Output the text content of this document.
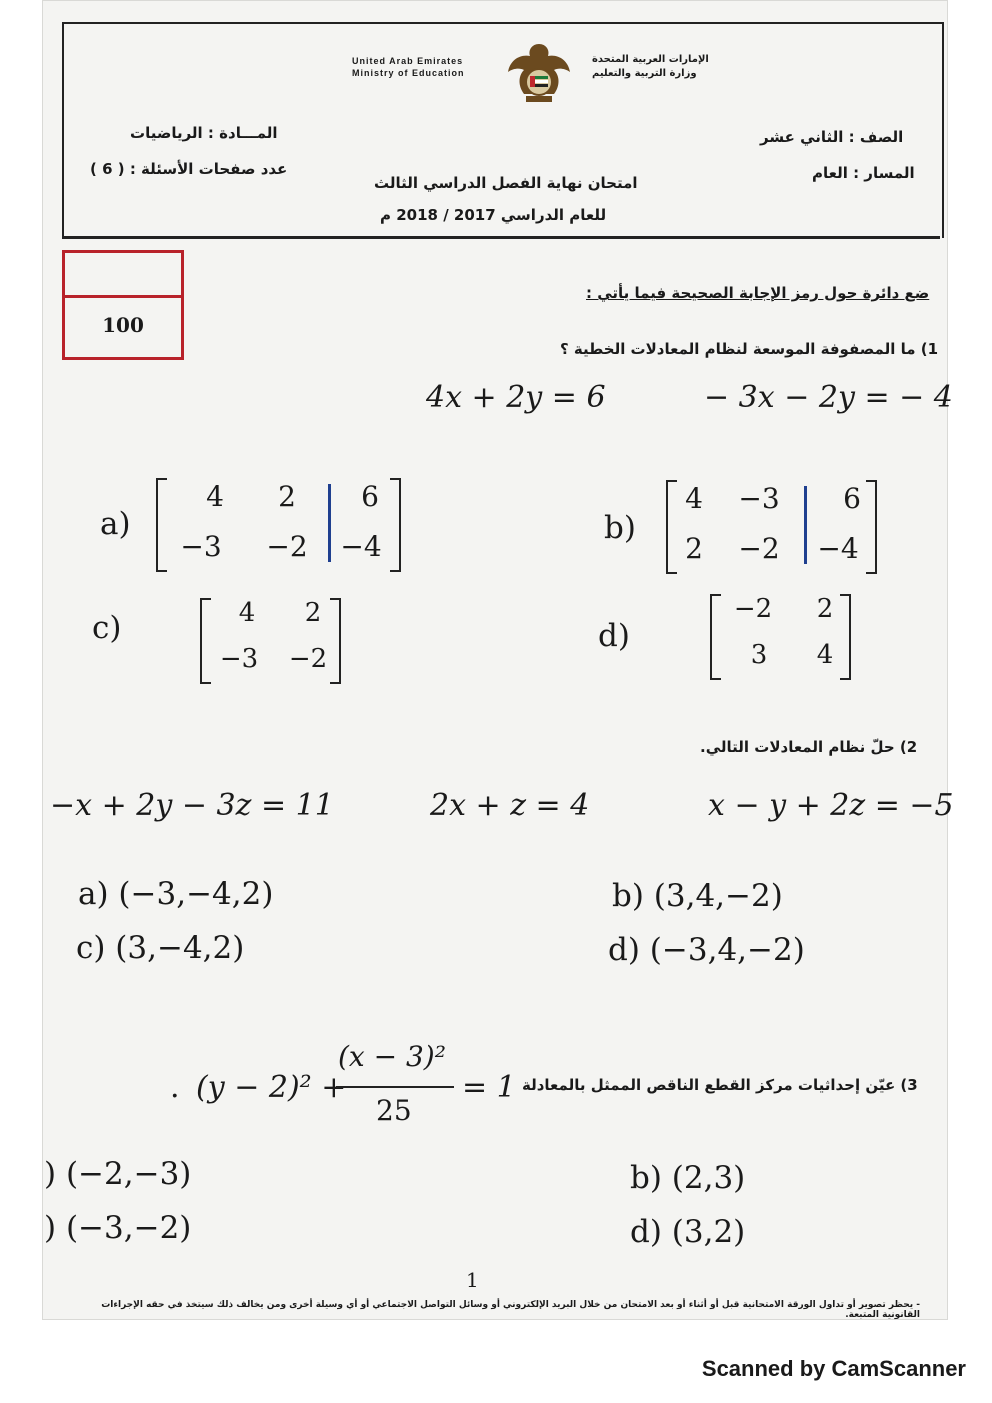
United Arab Emirates
Ministry of Education
الإمارات العربية المتحدة
وزارة التربية والتعليم
المـــادة : الرياضيات
عدد صفحات الأسئلة : ( 6 )
الصف : الثاني عشر
المسار : العام
امتحان نهاية الفصل الدراسي الثالث
للعام الدراسي 2017 / 2018 م
100
ضع دائرة حول رمز الإجابة الصحيحة فيما يأتي :
1) ما المصفوفة الموسعة لنظام المعادلات الخطية ؟
4x + 2y = 6	− 3x − 2y = − 4
a)
4	2	6
−3	−2	−4
b)
4	−3	6
2	−2	−4
c)	4	2
−3	−2
d)
−2	2
3	4
2) حلّ نظام المعادلات التالي.
−x + 2y − 3z = 11	2x + z = 4	x − y + 2z = −5
a) (−3,−4,2)	b) (3,4,−2)
c) (3,−4,2)	d) (−3,4,−2)
3) عيّن إحداثيات مركز القطع الناقص الممثل بالمعادلة
. (y − 2)² +
(x − 3)²
25
= 1
) (−2,−3)	b) (2,3)
) (−3,−2)	d) (3,2)
1
- يحظر تصوير أو تداول الورقة الامتحانية قبل أو أثناء أو بعد الامتحان من خلال البريد الإلكتروني أو وسائل التواصل الاجتماعي أو أي وسيلة أخرى ومن يخالف ذلك سيتخذ في حقه الإجراءات القانونية المتبعة.
Scanned by CamScanner
